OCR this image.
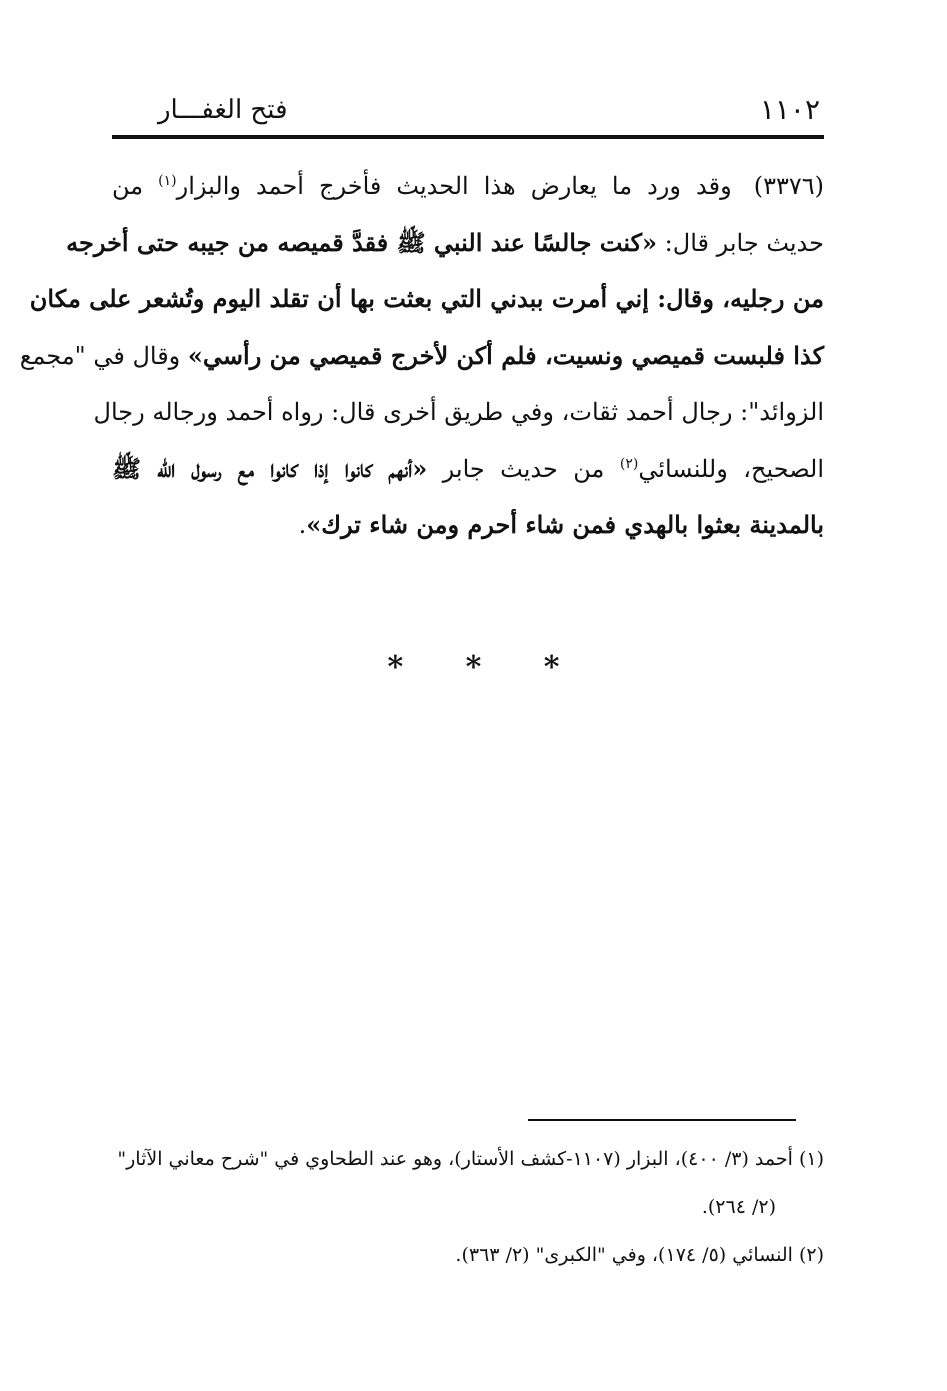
١١٠٢
فتح الغفـــار
(٣٣٧٦)وقد ورد ما يعارض هذا الحديث فأخرج أحمد والبزار$^{(١)}$ من
حديث جابر قال: «كنت جالسًا عند النبي ﷺ فقدَّ قميصه من جيبه حتى أخرجه
من رجليه، وقال: إني أمرت ببدني التي بعثت بها أن تقلد اليوم وتُشعر على مكان
كذا فلبست قميصي ونسيت، فلم أكن لأخرج قميصي من رأسي» وقال في "مجمع
الزوائد": رجال أحمد ثقات، وفي طريق أخرى قال: رواه أحمد ورجاله رجال
الصحيح، وللنسائي$^{(٢)}$ من حديث جابر «أنهم كانوا إذا كانوا مع رسول الله ﷺ
بالمدينة بعثوا بالهدي فمن شاء أحرم ومن شاء ترك».
* * *
(١) أحمد (٣/ ٤٠٠)، البزار (١١٠٧-كشف الأستار)، وهو عند الطحاوي في "شرح معاني الآثار"
(٢/ ٢٦٤).
(٢) النسائي (٥/ ١٧٤)، وفي "الكبرى" (٢/ ٣٦٣).
